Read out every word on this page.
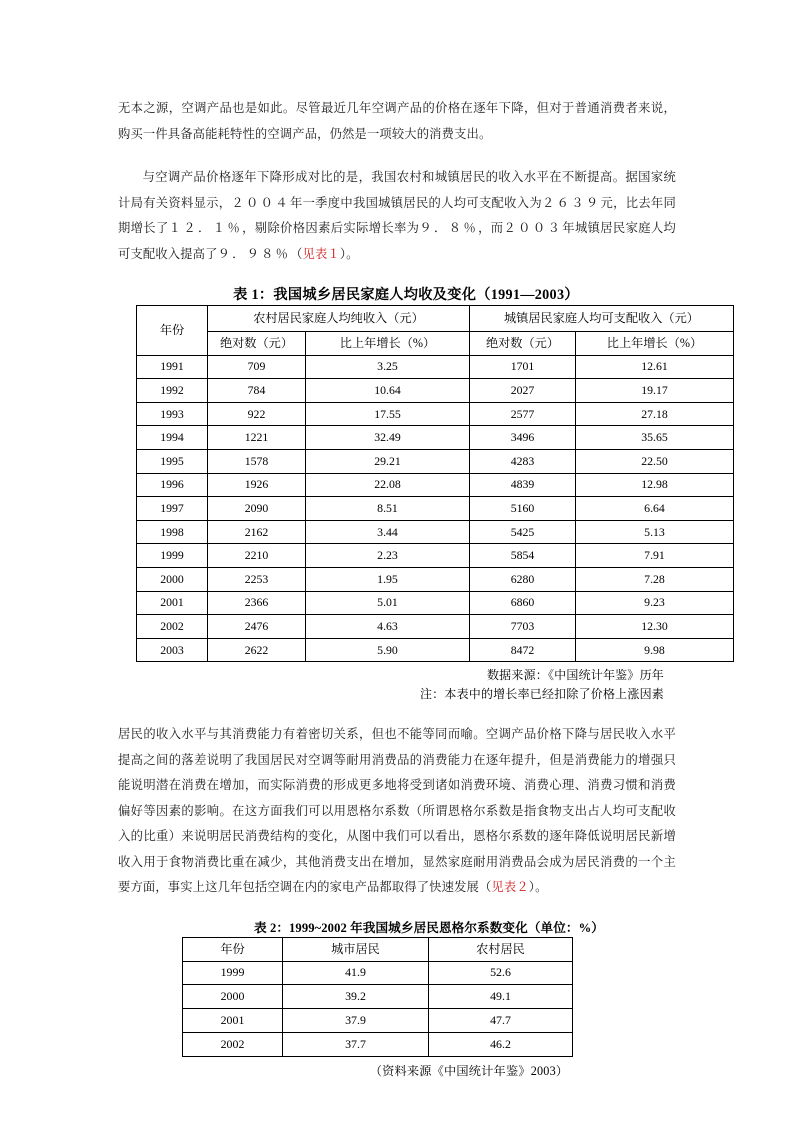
无本之源，空调产品也是如此。尽管最近几年空调产品的价格在逐年下降，但对于普通消费者来说，购买一件具备高能耗特性的空调产品，仍然是一项较大的消费支出。

与空调产品价格逐年下降形成对比的是，我国农村和城镇居民的收入水平在不断提高。据国家统计局有关资料显示，２００４年一季度中我国城镇居民的人均可支配收入为２６３９元，比去年同期增长了１２．１％，剔除价格因素后实际增长率为９．８％，而２００３年城镇居民家庭人均可支配收入提高了９．９８％（见表１）。

表 1：我国城乡居民家庭人均收及变化（1991—2003）
年份	农村居民家庭人均纯收入（元）		城镇居民家庭人均可支配收入（元）	
	绝对数（元）	比上年增长（%）	绝对数（元）	比上年增长（%）
1991	709	3.25	1701	12.61
1992	784	10.64	2027	19.17
1993	922	17.55	2577	27.18
1994	1221	32.49	3496	35.65
1995	1578	29.21	4283	22.50
1996	1926	22.08	4839	12.98
1997	2090	8.51	5160	6.64
1998	2162	3.44	5425	5.13
1999	2210	2.23	5854	7.91
2000	2253	1.95	6280	7.28
2001	2366	5.01	6860	9.23
2002	2476	4.63	7703	12.30
2003	2622	5.90	8472	9.98
数据来源：《中国统计年鉴》历年
注：本表中的增长率已经扣除了价格上涨因素

居民的收入水平与其消费能力有着密切关系，但也不能等同而喻。空调产品价格下降与居民收入水平提高之间的落差说明了我国居民对空调等耐用消费品的消费能力在逐年提升，但是消费能力的增强只能说明潜在消费在增加，而实际消费的形成更多地将受到诸如消费环境、消费心理、消费习惯和消费偏好等因素的影响。在这方面我们可以用恩格尔系数（所谓恩格尔系数是指食物支出占人均可支配收入的比重）来说明居民消费结构的变化，从图中我们可以看出，恩格尔系数的逐年降低说明居民新增收入用于食物消费比重在减少，其他消费支出在增加，显然家庭耐用消费品会成为居民消费的一个主要方面，事实上这几年包括空调在内的家电产品都取得了快速发展（见表２）。

表 2：1999~2002 年我国城乡居民恩格尔系数变化（单位：%）
年份	城市居民	农村居民
1999	41.9	52.6
2000	39.2	49.1
2001	37.9	47.7
2002	37.7	46.2
（资料来源《中国统计年鉴》2003）
